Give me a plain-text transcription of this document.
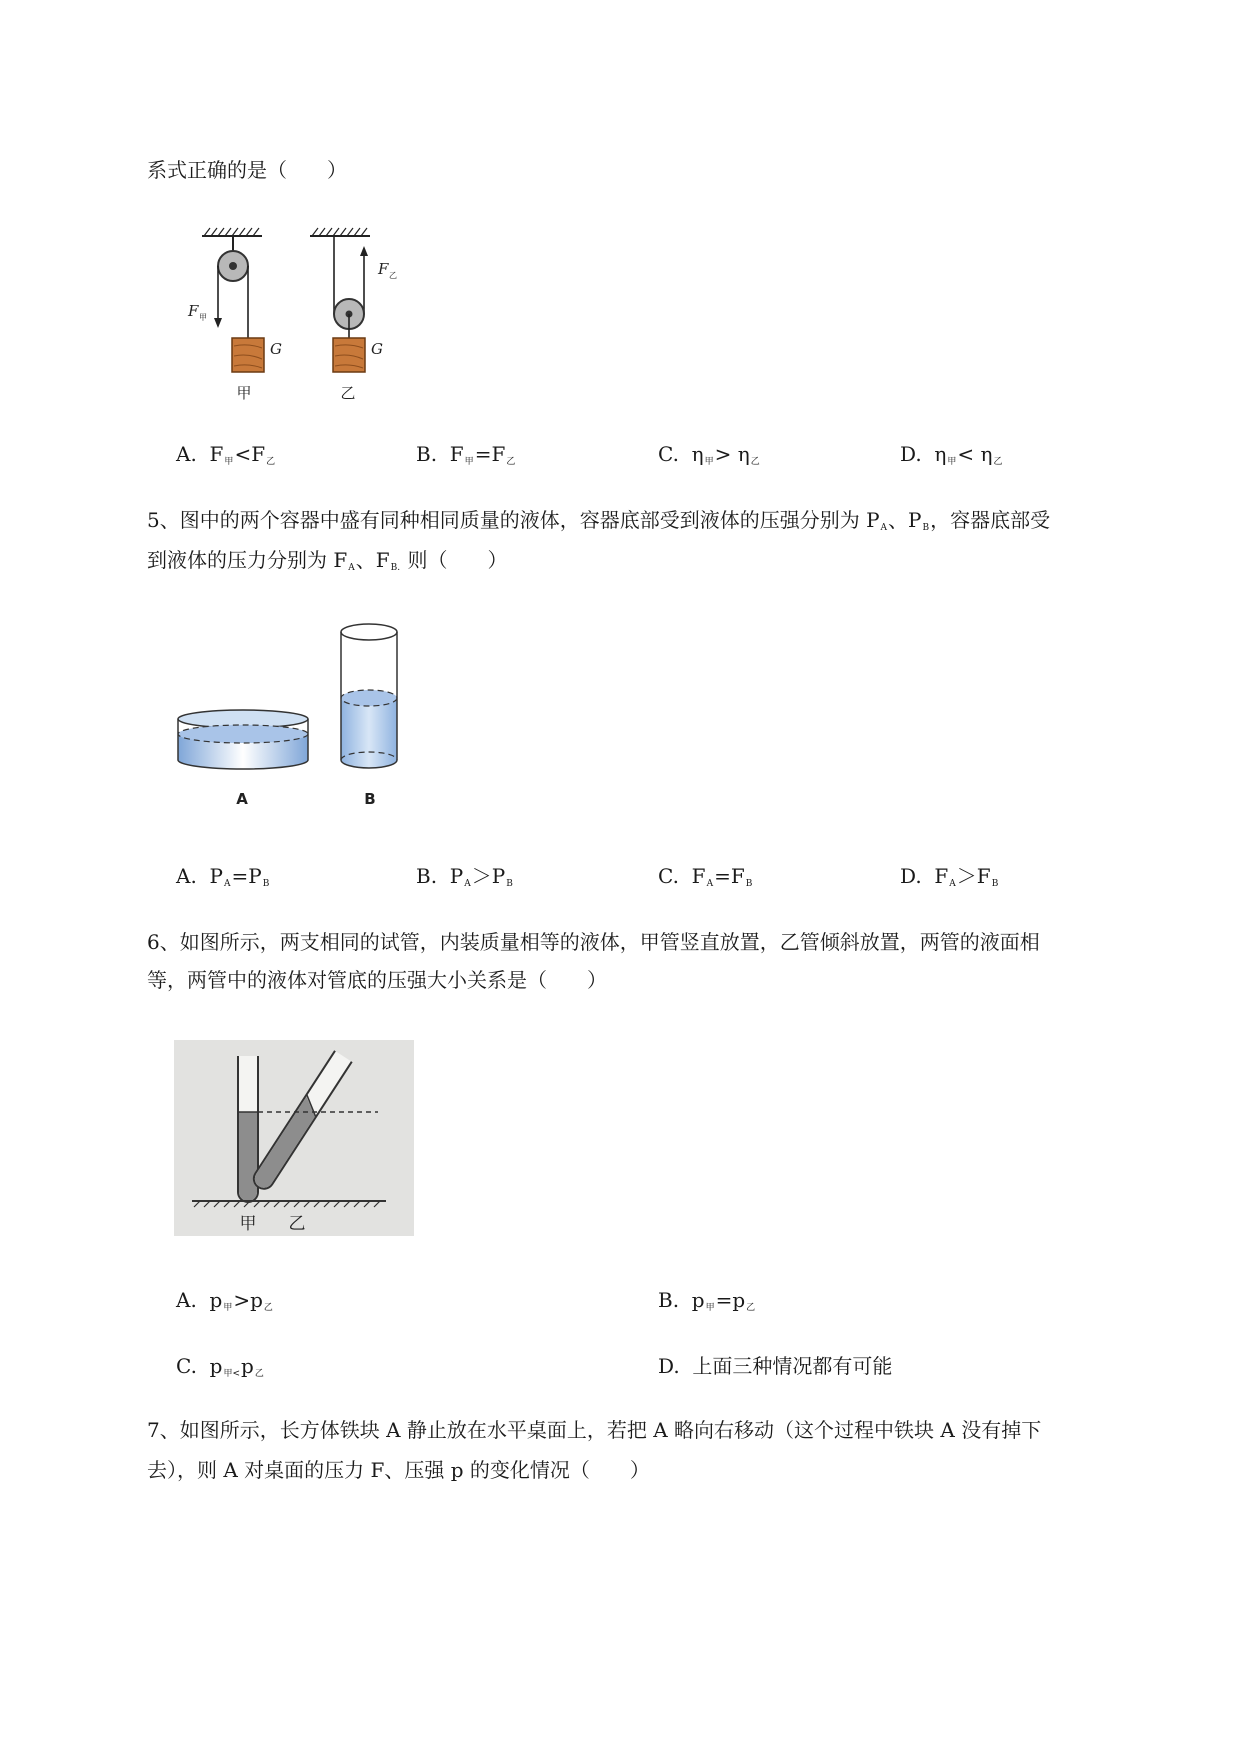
系式正确的是（　　）
F 甲
G
甲
F 乙
G
乙
A. $F_甲<F_乙$	B. $F_甲=F_乙$	C. $\eta_甲> \eta_乙$	D. $\eta_甲< \eta_乙$
5、图中的两个容器中盛有同种相同质量的液体，容器底部受到液体的压强分别为 $P_A$、$P_B$，容器底部受
到液体的压力分别为 $F_A$、$F_{B.}$ 则（　　）
A	B
A. $P_A=P_B$	B. $P_A>P_B$	C. $F_A=F_B$	D. $F_A>F_B$
6、如图所示，两支相同的试管，内装质量相等的液体，甲管竖直放置，乙管倾斜放置，两管的液面相
等，两管中的液体对管底的压强大小关系是（　　）
甲 乙
A. $p_甲>p_乙$	B. $p_甲=p_乙$
C. $p_{甲<}p_乙$	D. 上面三种情况都有可能
7、如图所示，长方体铁块 A 静止放在水平桌面上，若把 A 略向右移动（这个过程中铁块 A 没有掉下
去），则 A 对桌面的压力 F、压强 p 的变化情况（　　）
